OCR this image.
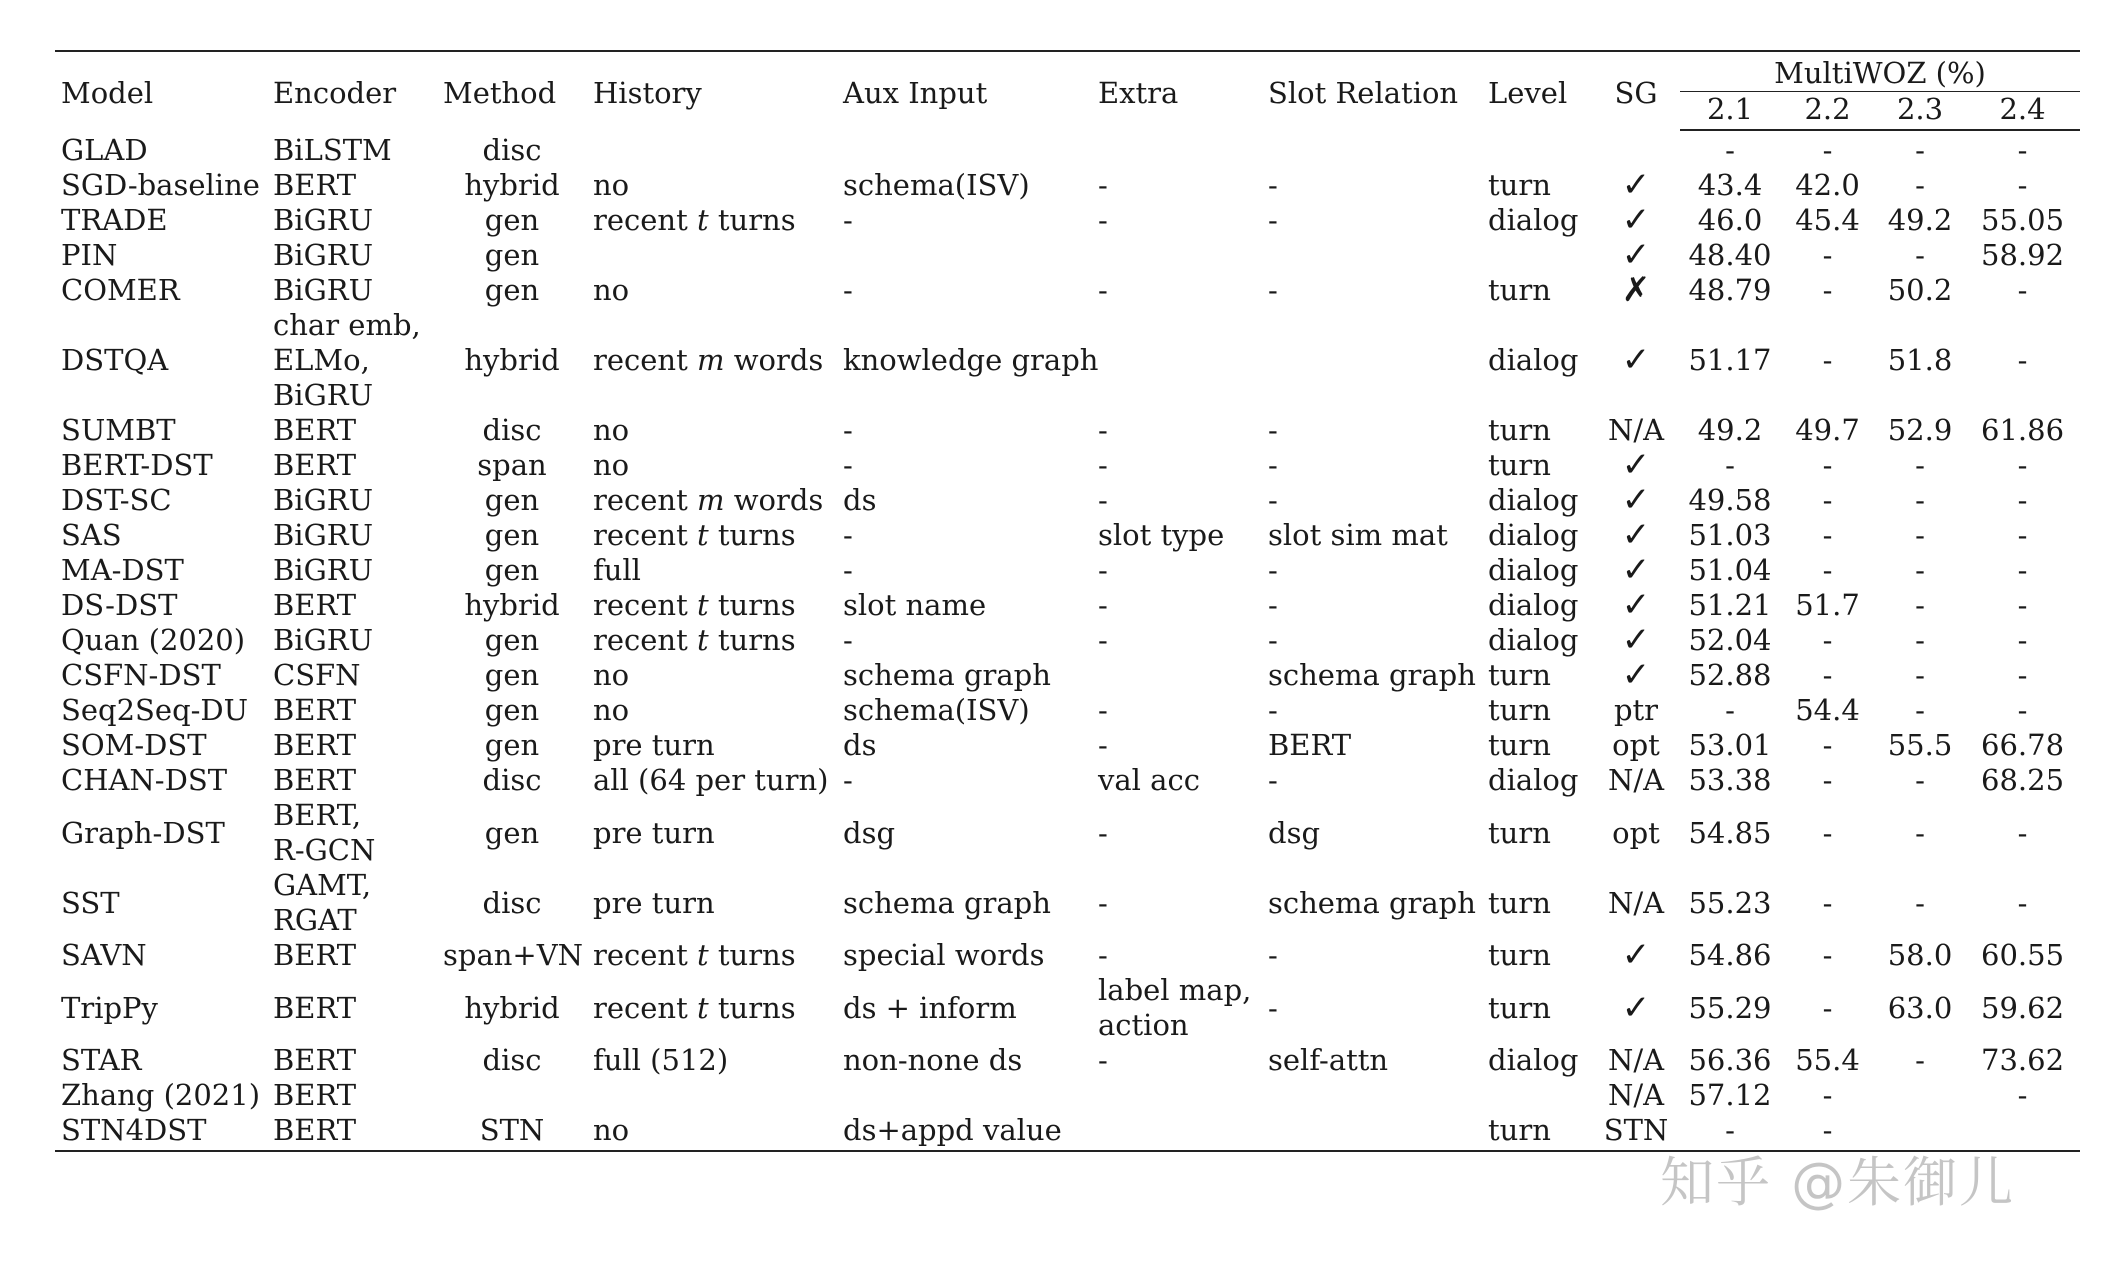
Model	Encoder	Method	History	Aux Input	Extra	Slot Relation	Level	SG	MultiWOZ (%)			
									2.1	2.2	2.3	2.4
GLAD	BiLSTM	disc							-	-	-	-
SGD-baseline	BERT	hybrid	no	schema(ISV)	-	-	turn	✓	43.4	42.0	-	-
TRADE	BiGRU	gen	recent t turns	-	-	-	dialog	✓	46.0	45.4	49.2	55.05
PIN	BiGRU	gen						✓	48.40	-	-	58.92
COMER	BiGRU	gen	no	-	-	-	turn	✗	48.79	-	50.2	-
DSTQA	char emb,
ELMo,
BiGRU	hybrid	recent m words	knowledge graph			dialog	✓	51.17	-	51.8	-
SUMBT	BERT	disc	no	-	-	-	turn	N/A	49.2	49.7	52.9	61.86
BERT-DST	BERT	span	no	-	-	-	turn	✓	-	-	-	-
DST-SC	BiGRU	gen	recent m words	ds	-	-	dialog	✓	49.58	-	-	-
SAS	BiGRU	gen	recent t turns	-	slot type	slot sim mat	dialog	✓	51.03	-	-	-
MA-DST	BiGRU	gen	full	-	-	-	dialog	✓	51.04	-	-	-
DS-DST	BERT	hybrid	recent t turns	slot name	-	-	dialog	✓	51.21	51.7	-	-
Quan (2020)	BiGRU	gen	recent t turns	-	-	-	dialog	✓	52.04	-	-	-
CSFN-DST	CSFN	gen	no	schema graph		schema graph	turn	✓	52.88	-	-	-
Seq2Seq-DU	BERT	gen	no	schema(ISV)	-	-	turn	ptr	-	54.4	-	-
SOM-DST	BERT	gen	pre turn	ds	-	BERT	turn	opt	53.01	-	55.5	66.78
CHAN-DST	BERT	disc	all (64 per turn)	-	val acc	-	dialog	N/A	53.38	-	-	68.25
Graph-DST	BERT,
R-GCN	gen	pre turn	dsg	-	dsg	turn	opt	54.85	-	-	-
SST	GAMT,
RGAT	disc	pre turn	schema graph	-	schema graph	turn	N/A	55.23	-	-	-
SAVN	BERT	span+VN	recent t turns	special words	-	-	turn	✓	54.86	-	58.0	60.55
TripPy	BERT	hybrid	recent t turns	ds + inform	label map,
action	-	turn	✓	55.29	-	63.0	59.62
STAR	BERT	disc	full (512)	non-none ds	-	self-attn	dialog	N/A	56.36	55.4	-	73.62
Zhang (2021)	BERT							N/A	57.12	-		-
STN4DST	BERT	STN	no	ds+appd value			turn	STN	-	-		
知乎 @朱御儿
